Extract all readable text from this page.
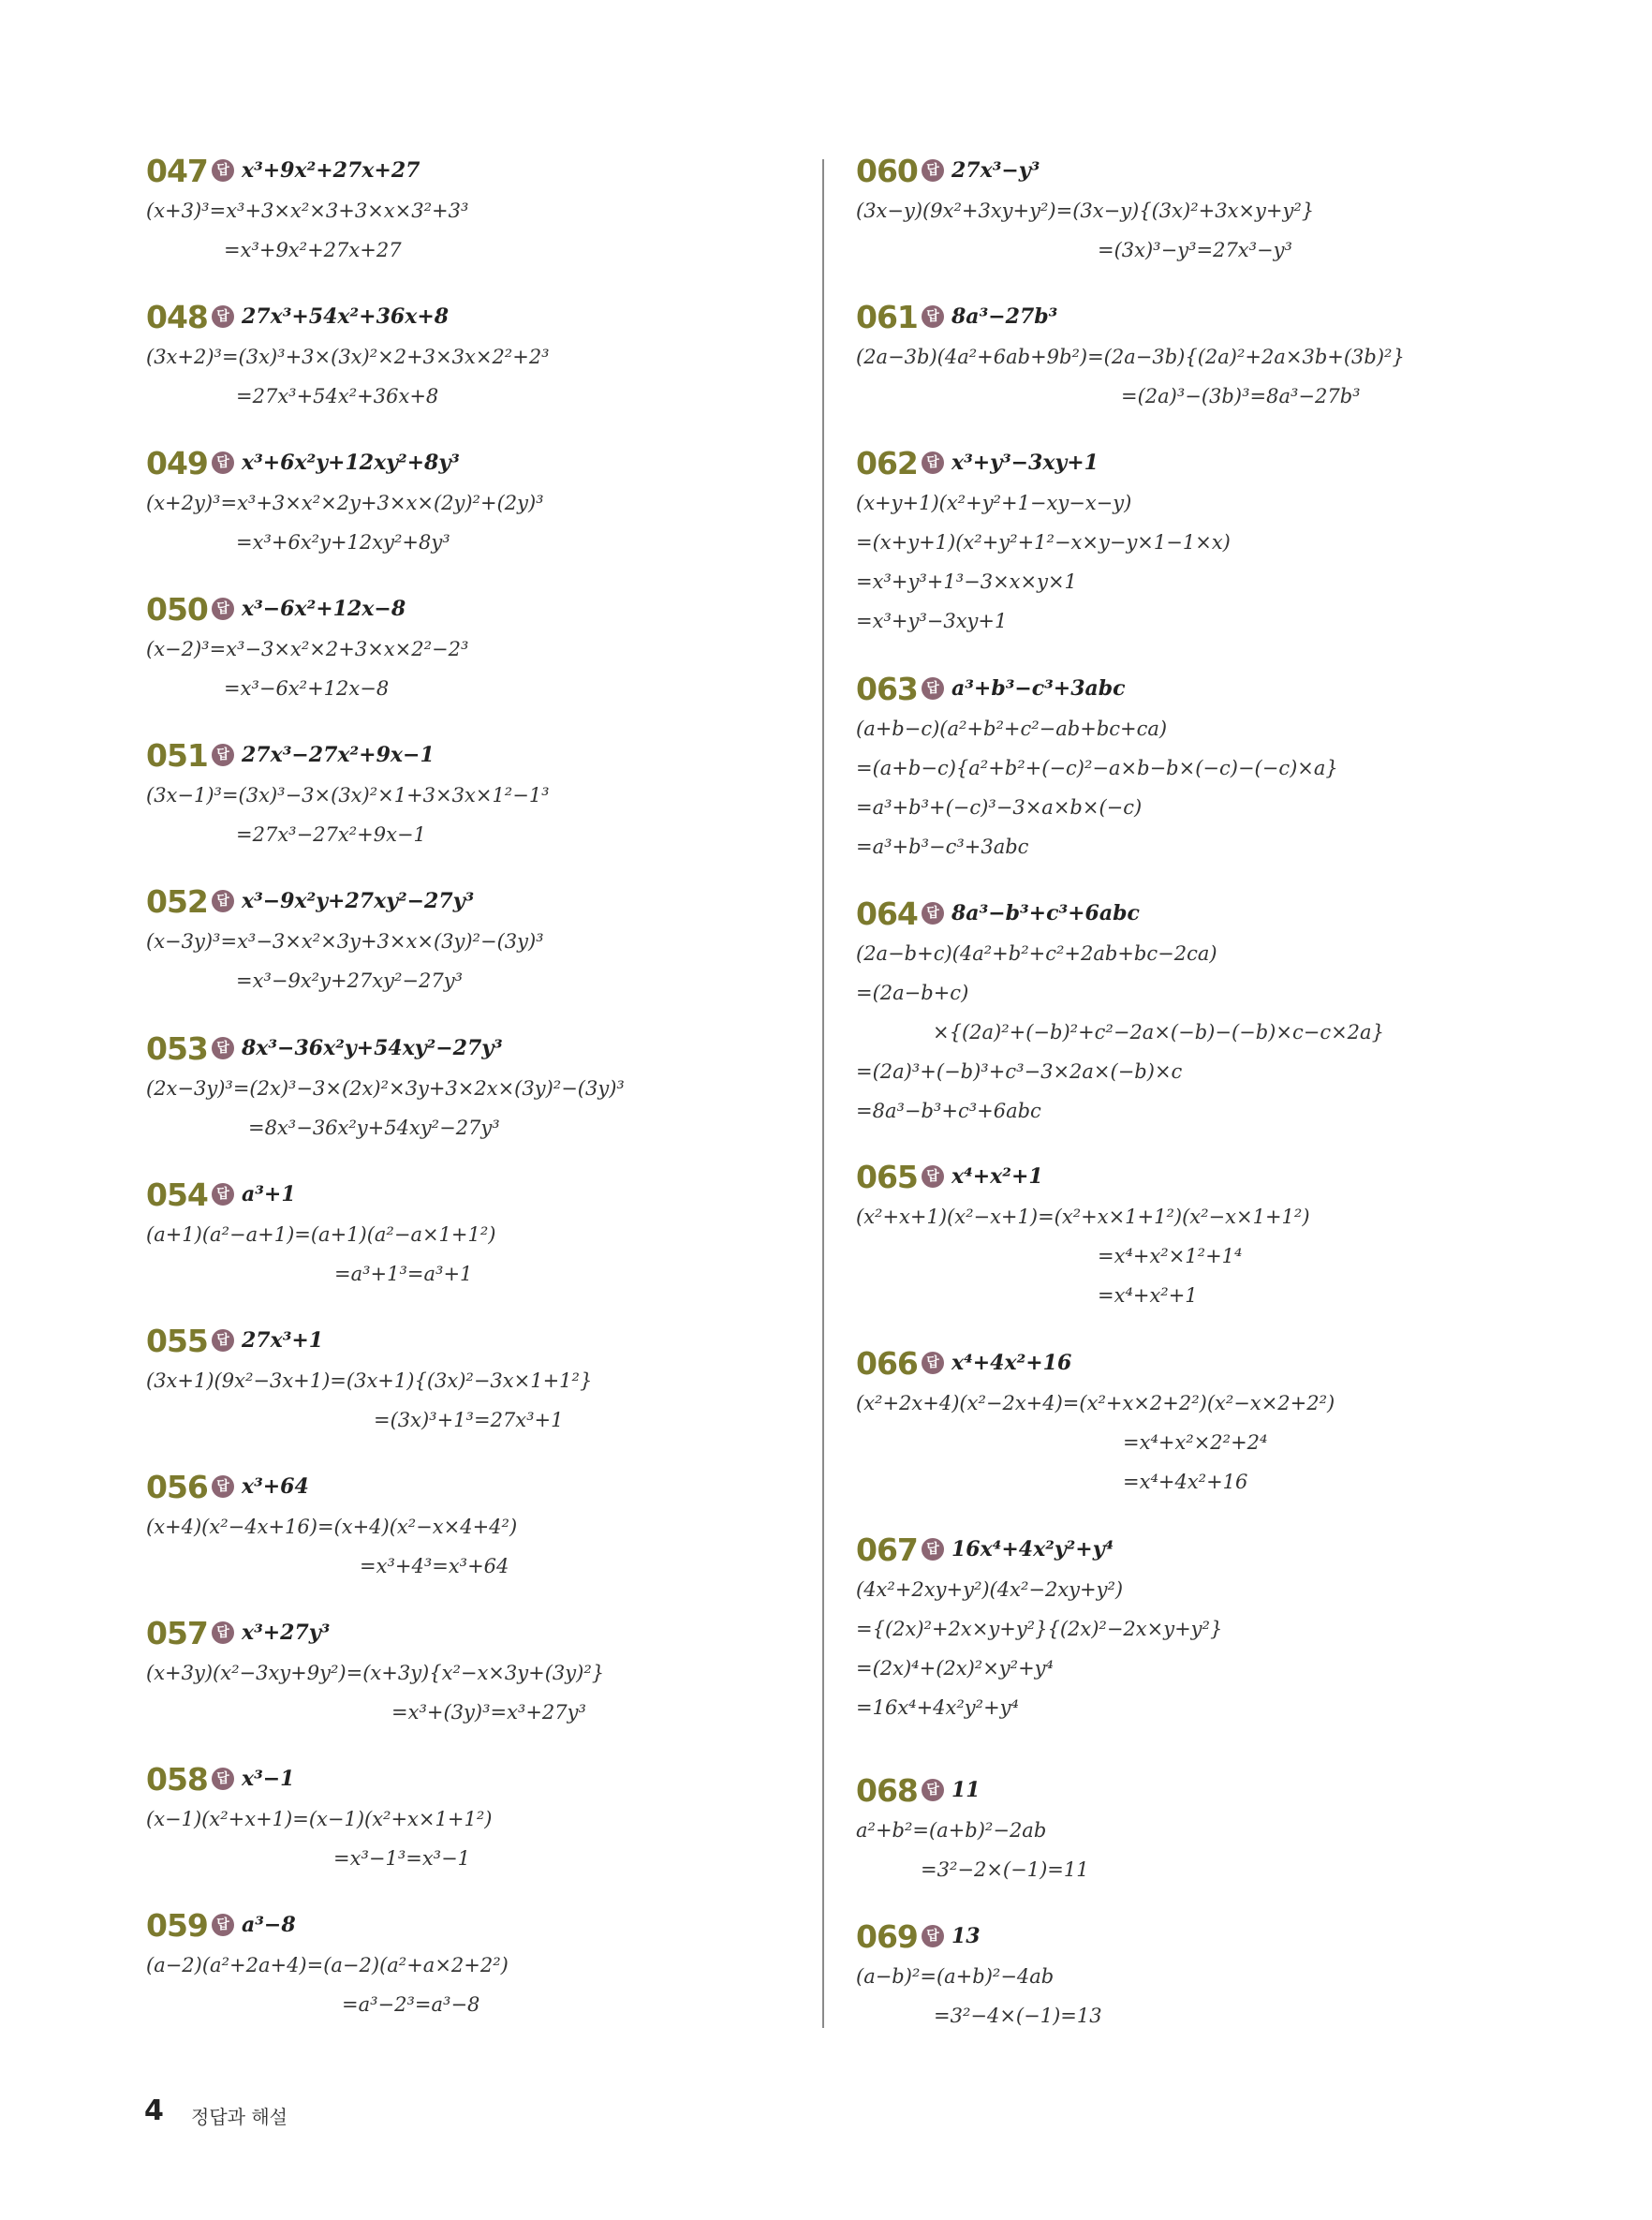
047 답 x³+9x²+27x+27
(x+3)³=x³+3×x²×3+3×x×3²+3³
=x³+9x²+27x+27
048 답 27x³+54x²+36x+8
(3x+2)³=(3x)³+3×(3x)²×2+3×3x×2²+2³
=27x³+54x²+36x+8
049 답 x³+6x²y+12xy²+8y³
(x+2y)³=x³+3×x²×2y+3×x×(2y)²+(2y)³
=x³+6x²y+12xy²+8y³
050 답 x³−6x²+12x−8
(x−2)³=x³−3×x²×2+3×x×2²−2³
=x³−6x²+12x−8
051 답 27x³−27x²+9x−1
(3x−1)³=(3x)³−3×(3x)²×1+3×3x×1²−1³
=27x³−27x²+9x−1
052 답 x³−9x²y+27xy²−27y³
(x−3y)³=x³−3×x²×3y+3×x×(3y)²−(3y)³
=x³−9x²y+27xy²−27y³
053 답 8x³−36x²y+54xy²−27y³
(2x−3y)³=(2x)³−3×(2x)²×3y+3×2x×(3y)²−(3y)³
=8x³−36x²y+54xy²−27y³
054 답 a³+1
(a+1)(a²−a+1)=(a+1)(a²−a×1+1²)
=a³+1³=a³+1
055 답 27x³+1
(3x+1)(9x²−3x+1)=(3x+1){(3x)²−3x×1+1²}
=(3x)³+1³=27x³+1
056 답 x³+64
(x+4)(x²−4x+16)=(x+4)(x²−x×4+4²)
=x³+4³=x³+64
057 답 x³+27y³
(x+3y)(x²−3xy+9y²)=(x+3y){x²−x×3y+(3y)²}
=x³+(3y)³=x³+27y³
058 답 x³−1
(x−1)(x²+x+1)=(x−1)(x²+x×1+1²)
=x³−1³=x³−1
059 답 a³−8
(a−2)(a²+2a+4)=(a−2)(a²+a×2+2²)
=a³−2³=a³−8
060 답 27x³−y³
(3x−y)(9x²+3xy+y²)=(3x−y){(3x)²+3x×y+y²}
=(3x)³−y³=27x³−y³
061 답 8a³−27b³
(2a−3b)(4a²+6ab+9b²)=(2a−3b){(2a)²+2a×3b+(3b)²}
=(2a)³−(3b)³=8a³−27b³
062 답 x³+y³−3xy+1
(x+y+1)(x²+y²+1−xy−x−y)
=(x+y+1)(x²+y²+1²−x×y−y×1−1×x)
=x³+y³+1³−3×x×y×1
=x³+y³−3xy+1
063 답 a³+b³−c³+3abc
(a+b−c)(a²+b²+c²−ab+bc+ca)
=(a+b−c){a²+b²+(−c)²−a×b−b×(−c)−(−c)×a}
=a³+b³+(−c)³−3×a×b×(−c)
=a³+b³−c³+3abc
064 답 8a³−b³+c³+6abc
(2a−b+c)(4a²+b²+c²+2ab+bc−2ca)
=(2a−b+c)
×{(2a)²+(−b)²+c²−2a×(−b)−(−b)×c−c×2a}
=(2a)³+(−b)³+c³−3×2a×(−b)×c
=8a³−b³+c³+6abc
065 답 x⁴+x²+1
(x²+x+1)(x²−x+1)=(x²+x×1+1²)(x²−x×1+1²)
=x⁴+x²×1²+1⁴
=x⁴+x²+1
066 답 x⁴+4x²+16
(x²+2x+4)(x²−2x+4)=(x²+x×2+2²)(x²−x×2+2²)
=x⁴+x²×2²+2⁴
=x⁴+4x²+16
067 답 16x⁴+4x²y²+y⁴
(4x²+2xy+y²)(4x²−2xy+y²)
={(2x)²+2x×y+y²}{(2x)²−2x×y+y²}
=(2x)⁴+(2x)²×y²+y⁴
=16x⁴+4x²y²+y⁴
068 답 11
a²+b²=(a+b)²−2ab
=3²−2×(−1)=11
069 답 13
(a−b)²=(a+b)²−4ab
=3²−4×(−1)=13
4 정답과 해설
